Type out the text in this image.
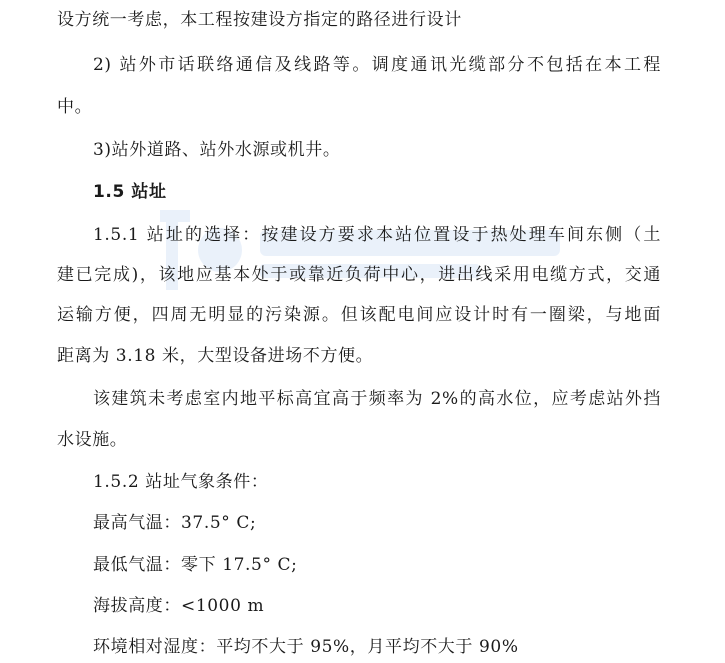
设方统一考虑，本工程按建设方指定的路径进行设计
2) 站外市话联络通信及线路等。调度通讯光缆部分不包括在本工程
中。
3)站外道路、站外水源或机井。
1.5 站址
1.5.1 站址的选择：按建设方要求本站位置设于热处理车间东侧（土
建已完成)，该地应基本处于或靠近负荷中心，进出线采用电缆方式，交通
运输方便，四周无明显的污染源。但该配电间应设计时有一圈梁，与地面
距离为 3.18 米，大型设备进场不方便。
该建筑未考虑室内地平标高宜高于频率为 2%的高水位，应考虑站外挡
水设施。
1.5.2 站址气象条件：
最高气温：37.5° C;
最低气温：零下 17.5° C;
海拔高度：<1000 m
环境相对湿度：平均不大于 95%，月平均不大于 90%
